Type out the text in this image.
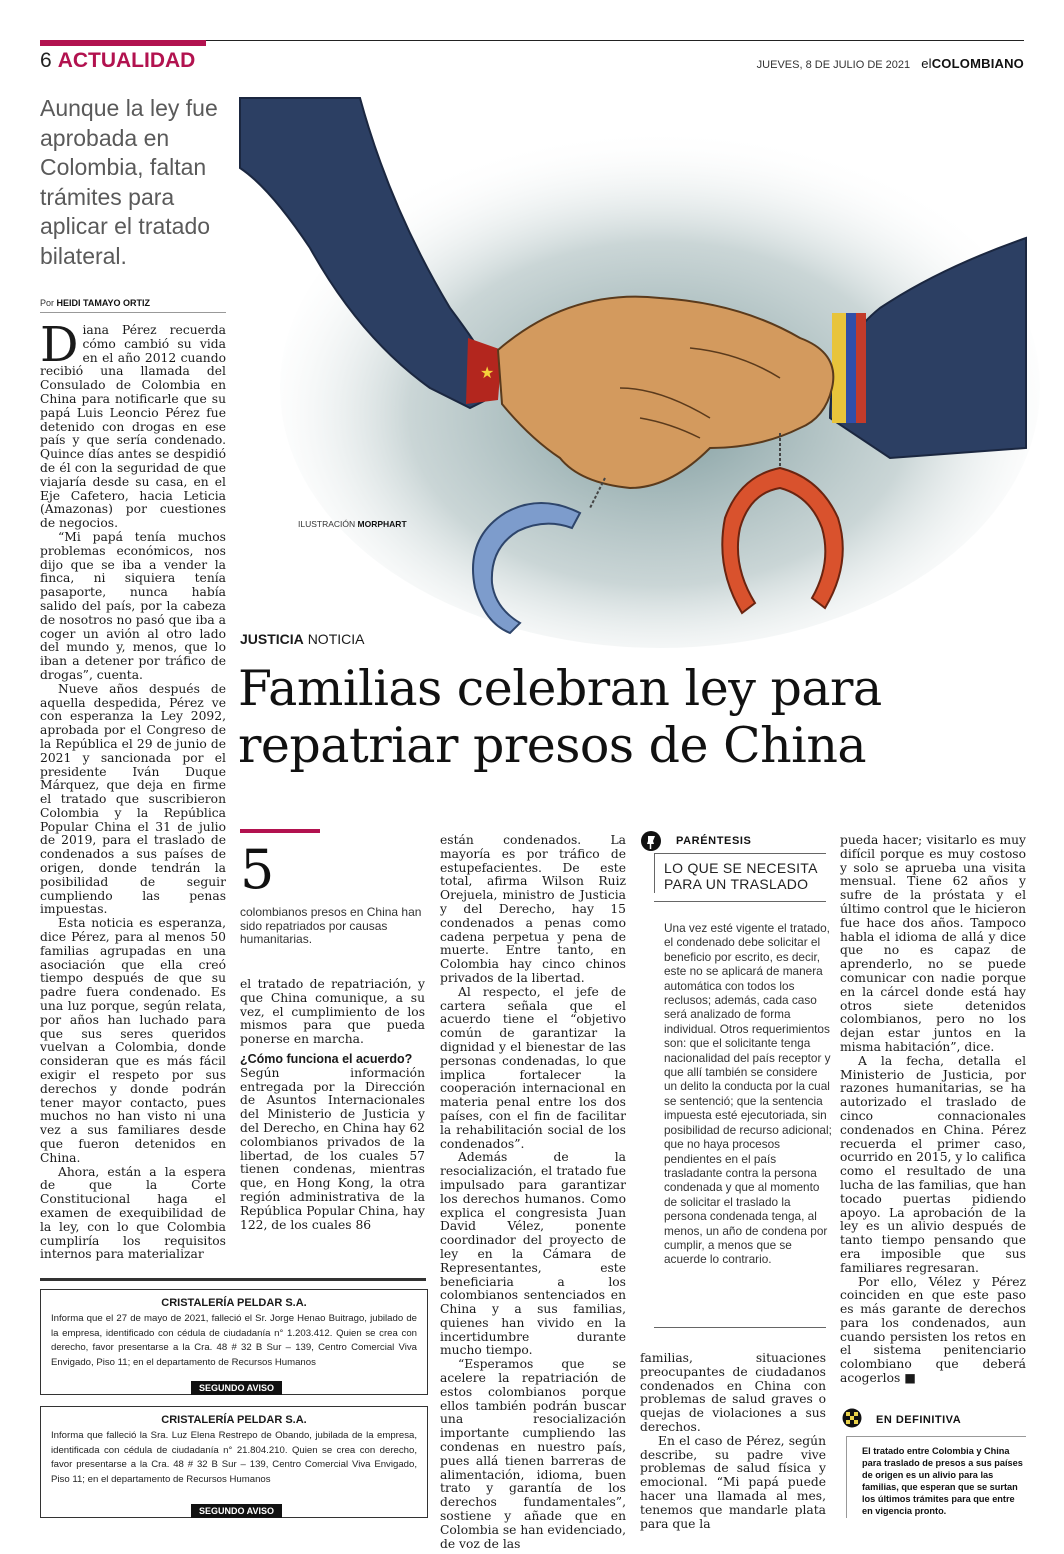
6 ACTUALIDAD	JUEVES, 8 DE JULIO DE 2021 elCOLOMBIANO
Aunque la ley fue aprobada en Colombia, faltan trámites para aplicar el tratado bilateral.
Por HEIDI TAMAYO ORTIZ

Diana Pérez recuerda cómo cambió su vida en el año 2012 cuando recibió una llamada del Consulado de Colombia en China para notificarle que su papá Luis Leoncio Pérez fue detenido con drogas en ese país y que sería condenado. Quince días antes se despidió de él con la seguridad de que viajaría desde su casa, en el Eje Cafetero, hacia Leticia (Amazonas) por cuestiones de negocios.

“Mi papá tenía muchos problemas económicos, nos dijo que se iba a vender la finca, ni siquiera tenía pasaporte, nunca había salido del país, por la cabeza de nosotros no pasó que iba a coger un avión al otro lado del mundo y, menos, que lo iban a detener por tráfico de drogas”, cuenta.

Nueve años después de aquella despedida, Pérez ve con esperanza la Ley 2092, aprobada por el Congreso de la República el 29 de junio de 2021 y sancionada por el presidente Iván Duque Márquez, que deja en firme el tratado que suscribieron Colombia y la República Popular China el 31 de julio de 2019, para el traslado de condenados a sus países de origen, donde tendrán la posibilidad de seguir cumpliendo las penas impuestas.

Esta noticia es esperanza, dice Pérez, para al menos 50 familias agrupadas en una asociación que ella creó tiempo después de que su padre fuera condenado. Es una luz porque, según relata, por años han luchado para que sus seres queridos vuelvan a Colombia, donde consideran que es más fácil exigir el respeto por sus derechos y donde podrán tener mayor contacto, pues muchos no han visto ni una vez a sus familiares desde que fueron detenidos en China.

Ahora, están a la espera de que la Corte Constitucional haga el examen de exequibilidad de la ley, con lo que Colombia cumpliría los requisitos internos para materializar

★
ILUSTRACIÓN MORPHART
JUSTICIA NOTICIA
Familias celebran ley para repatriar presos de China
5
colombianos presos en China han sido repatriados por causas humanitarias.

el tratado de repatriación, y que China comunique, a su vez, el cumplimiento de los mismos para que pueda ponerse en marcha.

¿Cómo funciona el acuerdo?

Según información entregada por la Dirección de Asuntos Internacionales del Ministerio de Justicia y del Derecho, en China hay 62 colombianos privados de la libertad, de los cuales 57 tienen condenas, mientras que, en Hong Kong, la otra región administrativa de la República Popular China, hay 122, de los cuales 86

están condenados. La mayoría es por tráfico de estupefacientes. De este total, afirma Wilson Ruiz Orejuela, ministro de Justicia y del Derecho, hay 15 condenados a penas como cadena perpetua y pena de muerte. Entre tanto, en Colombia hay cinco chinos privados de la libertad.

Al respecto, el jefe de cartera señala que el acuerdo tiene el “objetivo común de garantizar la dignidad y el bienestar de las personas condenadas, lo que implica fortalecer la cooperación internacional en materia penal entre los dos países, con el fin de facilitar la rehabilitación social de los condenados”.

Además de la resocialización, el tratado fue impulsado para garantizar los derechos humanos. Como explica el congresista Juan David Vélez, ponente coordinador del proyecto de ley en la Cámara de Representantes, este beneficiaria a los colombianos sentenciados en China y a sus familias, quienes han vivido en la incertidumbre durante mucho tiempo.

“Esperamos que se acelere la repatriación de estos colombianos porque ellos también podrán buscar una resocialización importante cumpliendo las condenas en nuestro país, pues allá tienen barreras de alimentación, idioma, buen trato y garantía de los derechos fundamentales”, sostiene y añade que en Colombia se han evidenciado, de voz de las

PARÉNTESIS
LO QUE SE NECESITA PARA UN TRASLADO
Una vez esté vigente el tratado, el condenado debe solicitar el beneficio por escrito, es decir, este no se aplicará de manera automática con todos los reclusos; además, cada caso será analizado de forma individual. Otros requerimientos son: que el solicitante tenga nacionalidad del país receptor y que allí también se considere un delito la conducta por la cual se sentenció; que la sentencia impuesta esté ejecutoriada, sin posibilidad de recurso adicional; que no haya procesos pendientes en el país trasladante contra la persona condenada y que al momento de solicitar el traslado la persona condenada tenga, al menos, un año de condena por cumplir, a menos que se acuerde lo contrario.

familias, situaciones preocupantes de ciudadanos condenados en China con problemas de salud graves o quejas de violaciones a sus derechos.

En el caso de Pérez, según describe, su padre vive problemas de salud física y emocional. “Mi papá puede hacer una llamada al mes, tenemos que mandarle plata para que la

pueda hacer; visitarlo es muy difícil porque es muy costoso y solo se aprueba una visita mensual. Tiene 62 años y sufre de la próstata y el último control que le hicieron fue hace dos años. Tampoco habla el idioma de allá y dice que no es capaz de aprenderlo, no se puede comunicar con nadie porque en la cárcel donde está hay otros siete detenidos colombianos, pero no los dejan estar juntos en la misma habitación”, dice.

A la fecha, detalla el Ministerio de Justicia, por razones humanitarias, se ha autorizado el traslado de cinco connacionales condenados en China. Pérez recuerda el primer caso, ocurrido en 2015, y lo califica como el resultado de una lucha de las familias, que han tocado puertas pidiendo apoyo. La aprobación de la ley es un alivio después de tanto tiempo pensando que era imposible que sus familiares regresaran.

Por ello, Vélez y Pérez coinciden en que este paso es más garante de derechos para los condenados, aun cuando persisten los retos en el sistema penitenciario colombiano que deberá acogerlos ■

EN DEFINITIVA
El tratado entre Colombia y China para traslado de presos a sus países de origen es un alivio para las familias, que esperan que se surtan los últimos trámites para que entre en vigencia pronto.
CRISTALERÍA PELDAR S.A.
Informa que el 27 de mayo de 2021, falleció el Sr. Jorge Henao Buitrago, jubilado de la empresa, identificado con cédula de ciudadanía n° 1.203.412. Quien se crea con derecho, favor presentarse a la Cra. 48 # 32 B Sur – 139, Centro Comercial Viva Envigado, Piso 11; en el departamento de Recursos Humanos
SEGUNDO AVISO
CRISTALERÍA PELDAR S.A.
Informa que falleció la Sra. Luz Elena Restrepo de Obando, jubilada de la empresa, identificada con cédula de ciudadanía n° 21.804.210. Quien se crea con derecho, favor presentarse a la Cra. 48 # 32 B Sur – 139, Centro Comercial Viva Envigado, Piso 11; en el departamento de Recursos Humanos
SEGUNDO AVISO
